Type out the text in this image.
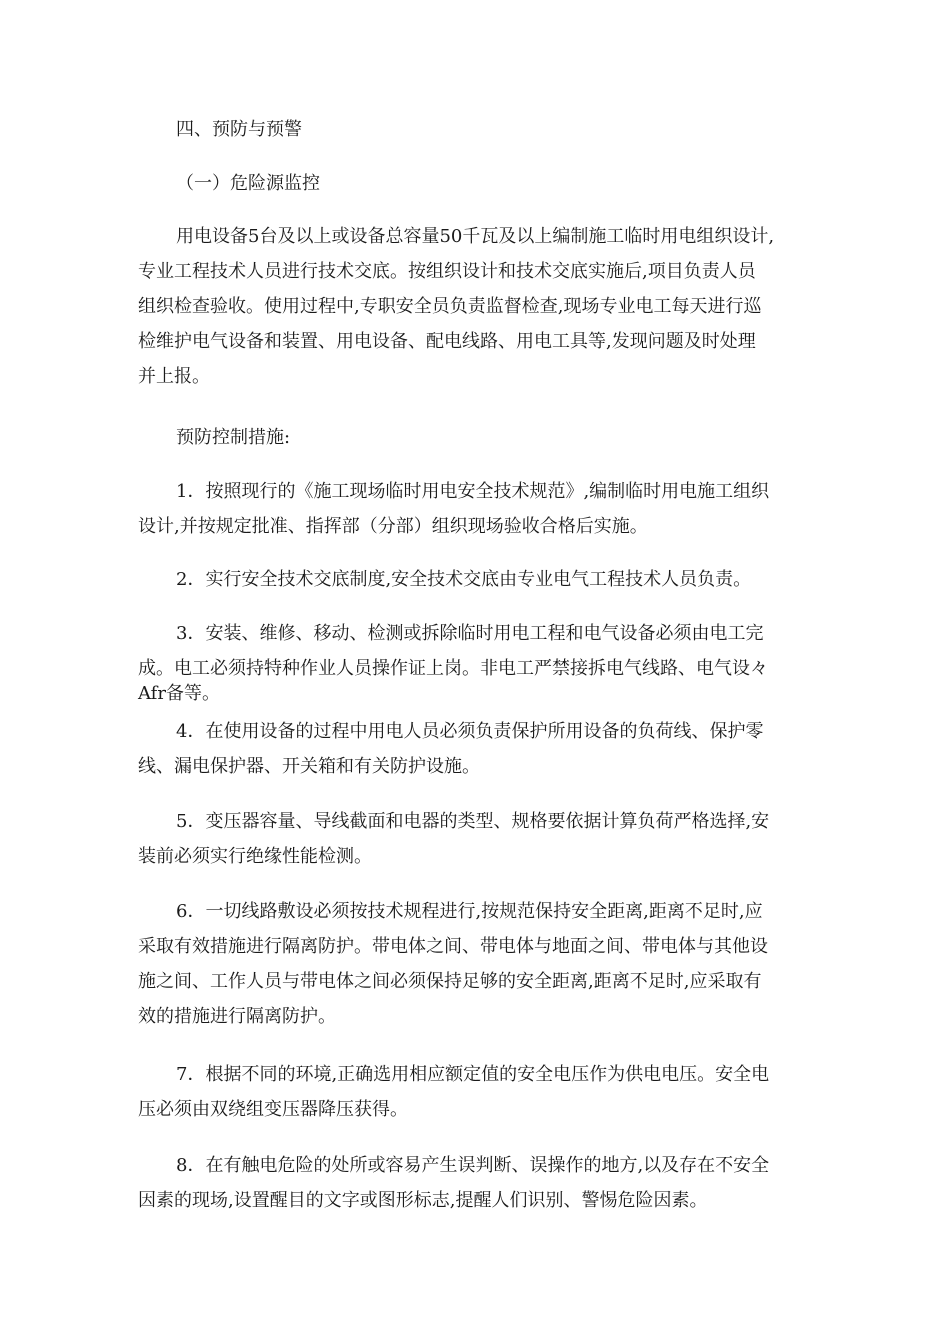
四、预防与预警

（一）危险源监控

用电设备5台及以上或设备总容量50千瓦及以上编制施工临时用电组织设计,
专业工程技术人员进行技术交底。按组织设计和技术交底实施后,项目负责人员
组织检查验收。使用过程中,专职安全员负责监督检查,现场专业电工每天进行巡
检维护电气设备和装置、用电设备、配电线路、用电工具等,发现问题及时处理
并上报。

预防控制措施:

1．按照现行的《施工现场临时用电安全技术规范》,编制临时用电施工组织
设计,并按规定批准、指挥部（分部）组织现场验收合格后实施。

2．实行安全技术交底制度,安全技术交底由专业电气工程技术人员负责。

3．安装、维修、移动、检测或拆除临时用电工程和电气设备必须由电工完
成。电工必须持特种作业人员操作证上岗。非电工严禁接拆电气线路、电气设々
Afr备等。

4．在使用设备的过程中用电人员必须负责保护所用设备的负荷线、保护零
线、漏电保护器、开关箱和有关防护设施。

5．变压器容量、导线截面和电器的类型、规格要依据计算负荷严格选择,安
装前必须实行绝缘性能检测。

6．一切线路敷设必须按技术规程进行,按规范保持安全距离,距离不足时,应
采取有效措施进行隔离防护。带电体之间、带电体与地面之间、带电体与其他设
施之间、工作人员与带电体之间必须保持足够的安全距离,距离不足时,应采取有
效的措施进行隔离防护。

7．根据不同的环境,正确选用相应额定值的安全电压作为供电电压。安全电
压必须由双绕组变压器降压获得。

8．在有触电危险的处所或容易产生误判断、误操作的地方,以及存在不安全
因素的现场,设置醒目的文字或图形标志,提醒人们识别、警惕危险因素。
